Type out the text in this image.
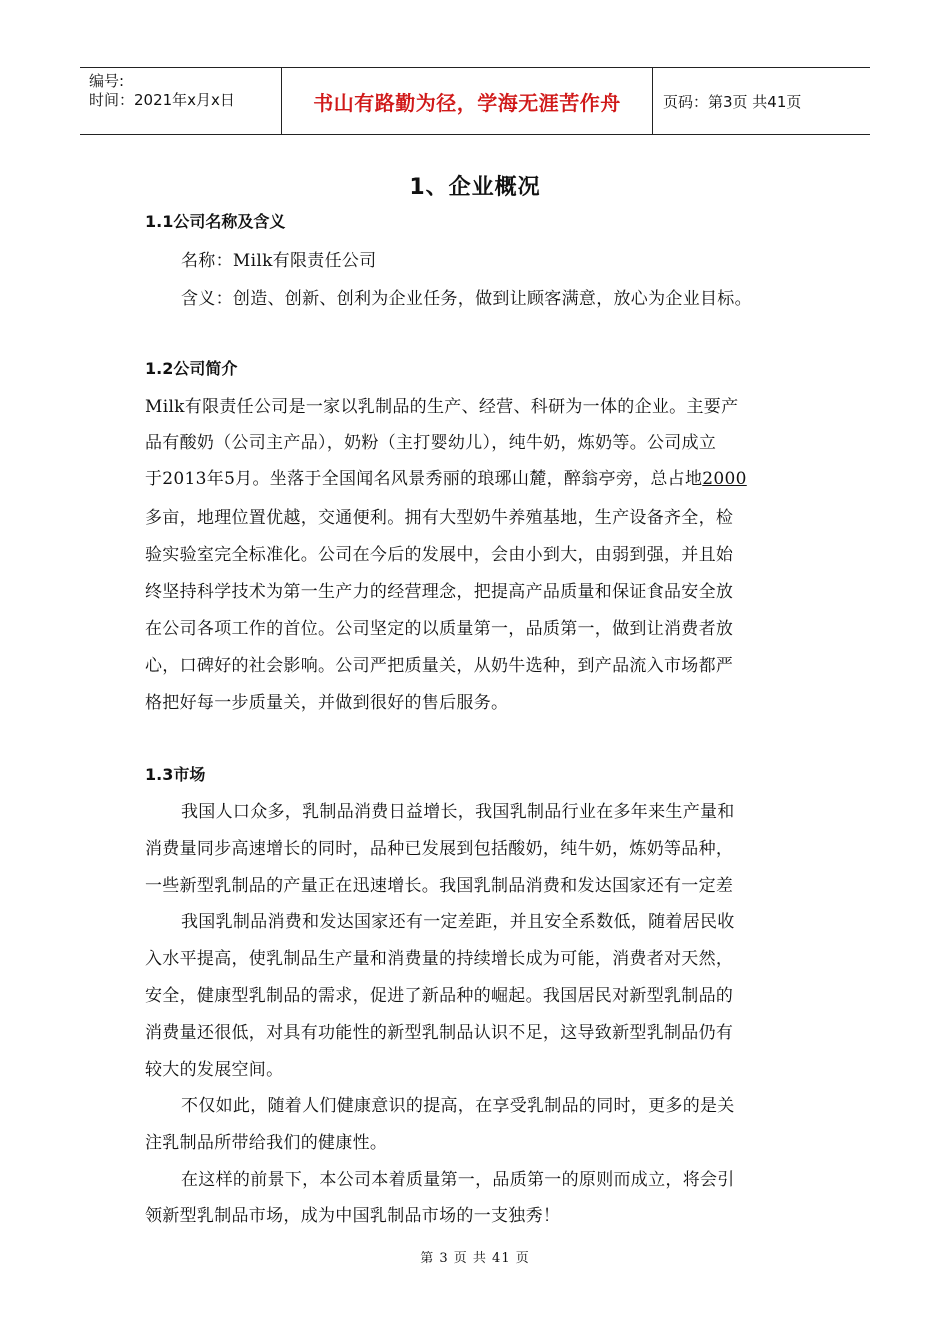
编号:
时间：2021年x月x日	书山有路勤为径，学海无涯苦作舟	页码：第3页 共41页
1、企业概况
1.1公司名称及含义
名称：Milk有限责任公司
含义：创造、创新、创利为企业任务，做到让顾客满意，放心为企业目标。
1.2公司简介
Milk有限责任公司是一家以乳制品的生产、经营、科研为一体的企业。主要产
品有酸奶（公司主产品），奶粉（主打婴幼儿），纯牛奶，炼奶等。公司成立
于2013年5月。坐落于全国闻名风景秀丽的琅琊山麓，醉翁亭旁，总占地2000
多亩，地理位置优越，交通便利。拥有大型奶牛养殖基地，生产设备齐全，检
验实验室完全标准化。公司在今后的发展中，会由小到大，由弱到强，并且始
终坚持科学技术为第一生产力的经营理念，把提高产品质量和保证食品安全放
在公司各项工作的首位。公司坚定的以质量第一，品质第一，做到让消费者放
心，口碑好的社会影响。公司严把质量关，从奶牛选种，到产品流入市场都严
格把好每一步质量关，并做到很好的售后服务。
1.3市场
我国人口众多，乳制品消费日益增长，我国乳制品行业在多年来生产量和
消费量同步高速增长的同时，品种已发展到包括酸奶，纯牛奶，炼奶等品种，
一些新型乳制品的产量正在迅速增长。我国乳制品消费和发达国家还有一定差
我国乳制品消费和发达国家还有一定差距，并且安全系数低，随着居民收
入水平提高，使乳制品生产量和消费量的持续增长成为可能，消费者对天然，
安全，健康型乳制品的需求，促进了新品种的崛起。我国居民对新型乳制品的
消费量还很低，对具有功能性的新型乳制品认识不足，这导致新型乳制品仍有
较大的发展空间。
不仅如此，随着人们健康意识的提高，在享受乳制品的同时，更多的是关
注乳制品所带给我们的健康性。
在这样的前景下，本公司本着质量第一，品质第一的原则而成立，将会引
领新型乳制品市场，成为中国乳制品市场的一支独秀！
第 3 页 共 41 页
